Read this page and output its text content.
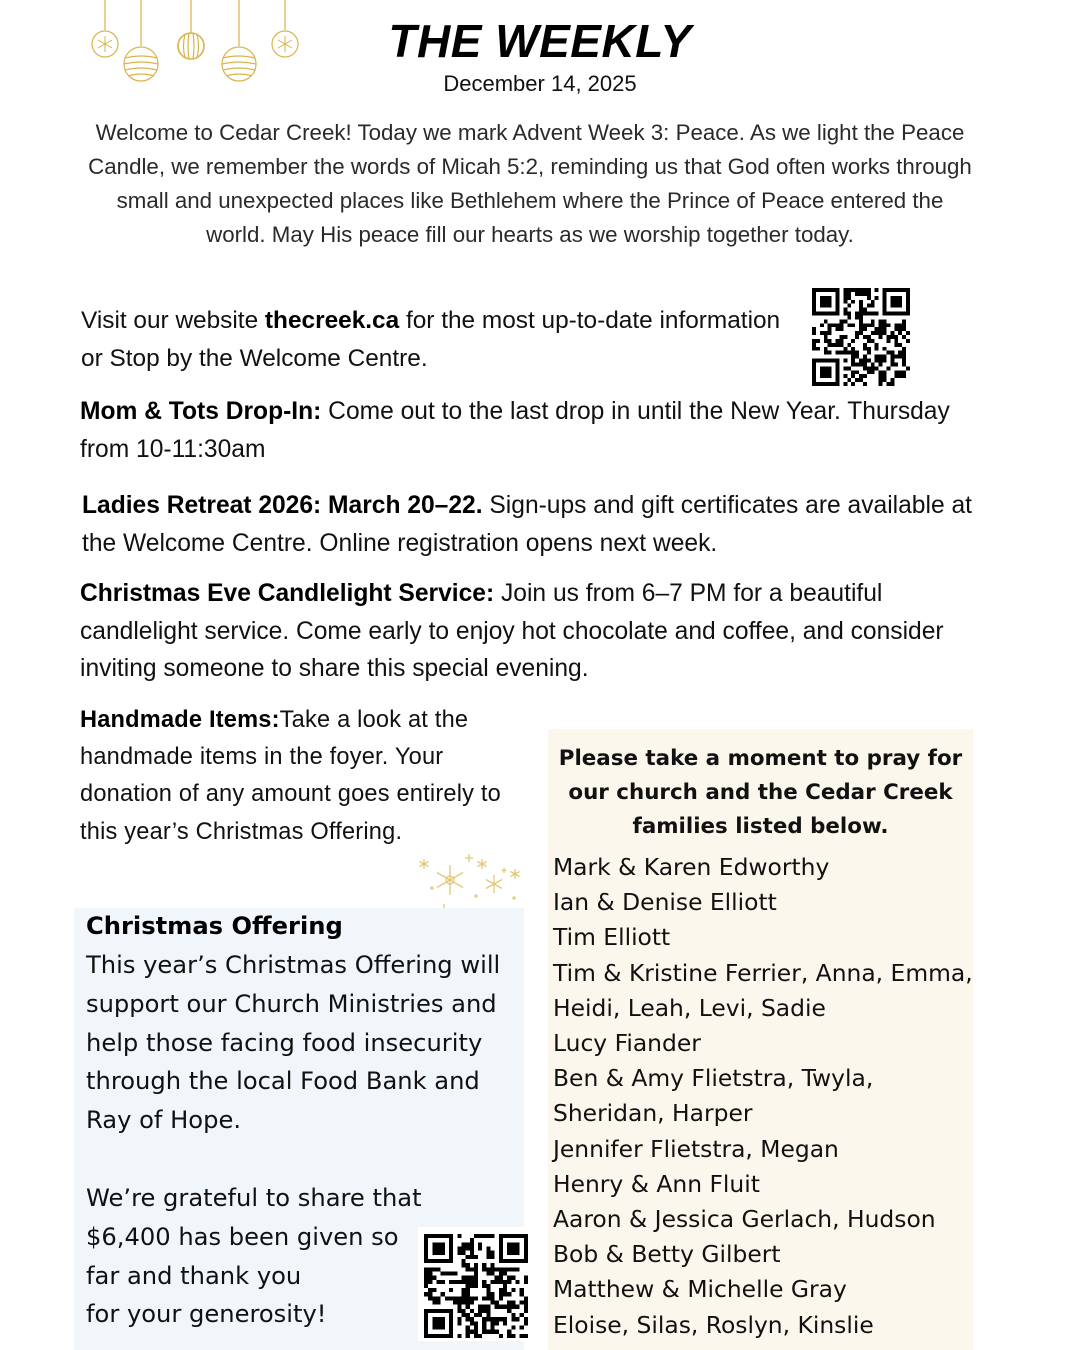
THE WEEKLY
December 14, 2025
Welcome to Cedar Creek! Today we mark Advent Week 3: Peace. As we light the Peace Candle, we remember the words of Micah 5:2, reminding us that God often works through small and unexpected places like Bethlehem where the Prince of Peace entered the world. May His peace fill our hearts as we worship together today.
Visit our website thecreek.ca for the most up-to-date information or Stop by the Welcome Centre.
Mom & Tots Drop-In: Come out to the last drop in until the New Year. Thursday from 10-11:30am
Ladies Retreat 2026: March 20–22. Sign-ups and gift certificates are available at the Welcome Centre. Online registration opens next week.
Christmas Eve Candlelight Service: Join us from 6–7 PM for a beautiful candlelight service. Come early to enjoy hot chocolate and coffee, and consider inviting someone to share this special evening.
Handmade Items:Take a look at the handmade items in the foyer. Your donation of any amount goes entirely to this year’s Christmas Offering.
Christmas Offering
This year’s Christmas Offering will support our Church Ministries and help those facing food insecurity through the local Food Bank and Ray of Hope.
We’re grateful to share that
$6,400 has been given so
far and thank you
for your generosity!
Please take a moment to pray for our church and the Cedar Creek families listed below.
Mark & Karen Edworthy
Ian & Denise Elliott
Tim Elliott
Tim & Kristine Ferrier, Anna, Emma,
Heidi, Leah, Levi, Sadie
Lucy Fiander
Ben & Amy Flietstra, Twyla,
Sheridan, Harper
Jennifer Flietstra, Megan
Henry & Ann Fluit
Aaron & Jessica Gerlach, Hudson
Bob & Betty Gilbert
Matthew & Michelle Gray
Eloise, Silas, Roslyn, Kinslie
